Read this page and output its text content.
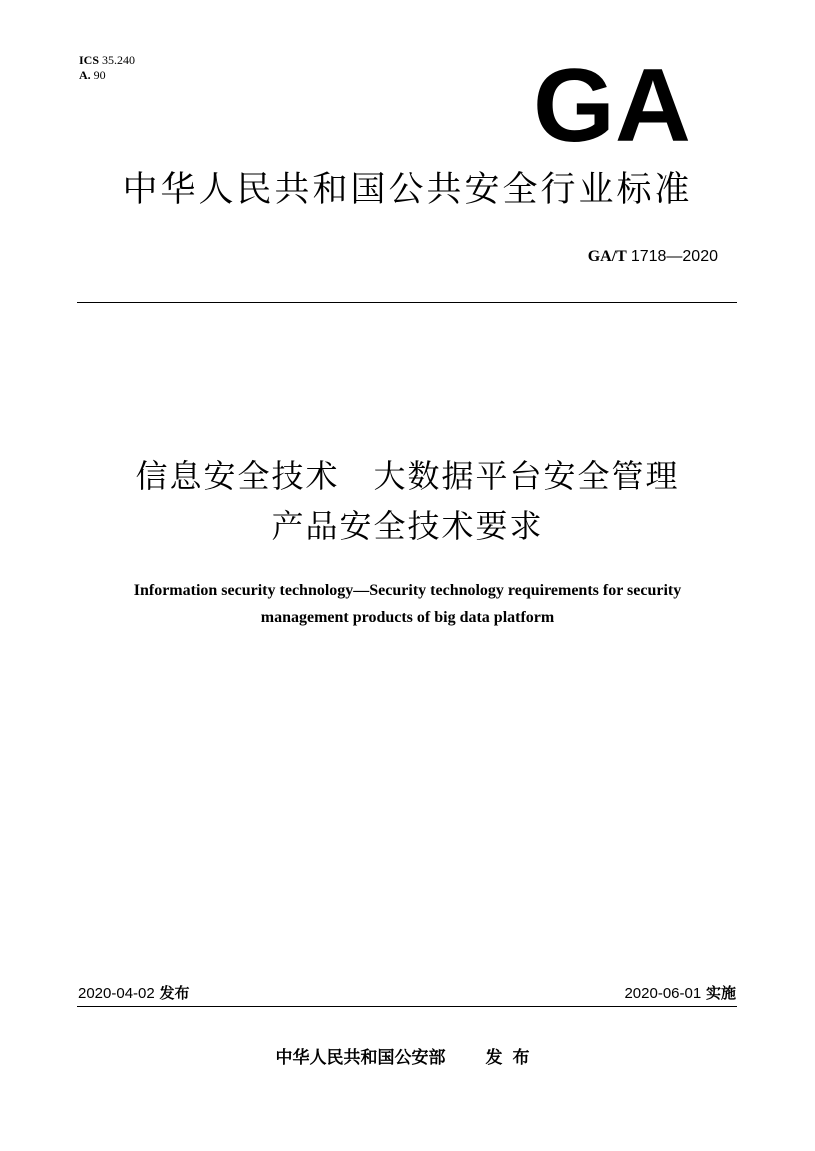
ICS 35.240
A. 90	GA
中华人民共和国公共安全行业标准
GA/T 1718—2020
信息安全技术　大数据平台安全管理
产品安全技术要求
Information security technology—Security technology requirements for security
management products of big data platform
2020-04-02 发布	2020-06-01 实施
中华人民共和国公安部 发布
